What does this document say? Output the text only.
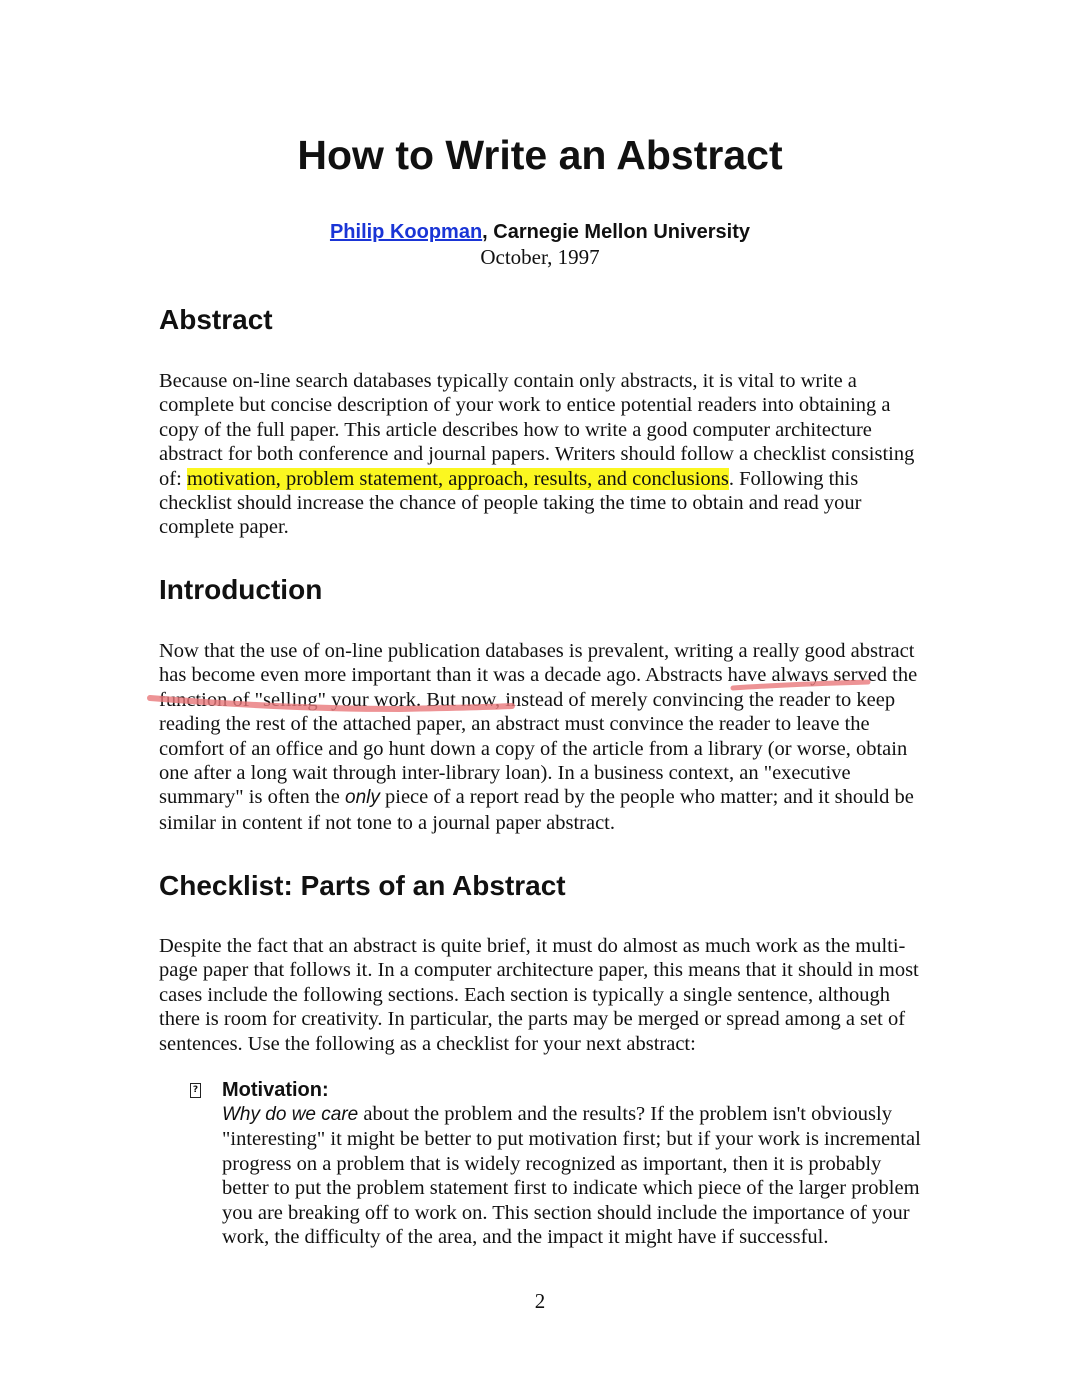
How to Write an Abstract
Philip Koopman, Carnegie Mellon University
October, 1997
Abstract

Because on-line search databases typically contain only abstracts, it is vital to write a complete but concise description of your work to entice potential readers into obtaining a copy of the full paper. This article describes how to write a good computer architecture abstract for both conference and journal papers. Writers should follow a checklist consisting of: motivation, problem statement, approach, results, and conclusions. Following this checklist should increase the chance of people taking the time to obtain and read your complete paper.

Introduction

Now that the use of on-line publication databases is prevalent, writing a really good abstract has become even more important than it was a decade ago. Abstracts have always served the function of "selling" your work. But now, instead of merely convincing the reader to keep reading the rest of the attached paper, an abstract must convince the reader to leave the comfort of an office and go hunt down a copy of the article from a library (or worse, obtain one after a long wait through inter-library loan). In a business context, an "executive summary" is often the only piece of a report read by the people who matter; and it should be similar in content if not tone to a journal paper abstract.

Checklist: Parts of an Abstract

Despite the fact that an abstract is quite brief, it must do almost as much work as the multi-page paper that follows it. In a computer architecture paper, this means that it should in most cases include the following sections. Each section is typically a single sentence, although there is room for creativity. In particular, the parts may be merged or spread among a set of sentences. Use the following as a checklist for your next abstract:

? Motivation:

Why do we care about the problem and the results? If the problem isn't obviously "interesting" it might be better to put motivation first; but if your work is incremental progress on a problem that is widely recognized as important, then it is probably better to put the problem statement first to indicate which piece of the larger problem you are breaking off to work on. This section should include the importance of your work, the difficulty of the area, and the impact it might have if successful.

2
